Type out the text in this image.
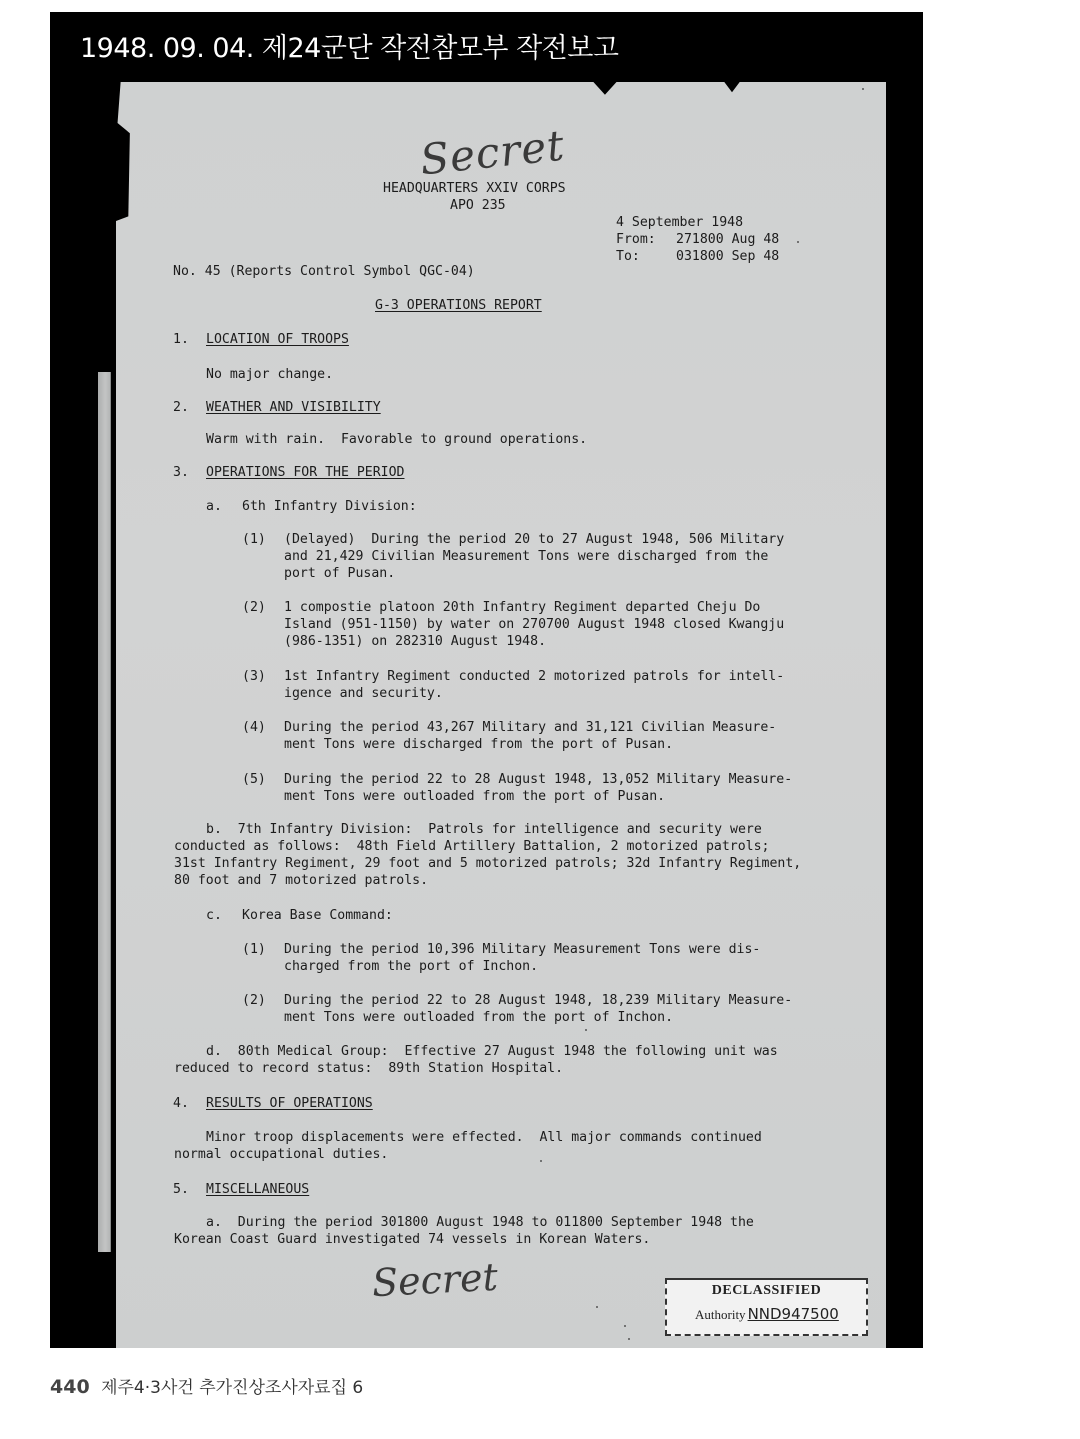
1948. 09. 04. 제24군단 작전참모부 작전보고
Secret
HEADQUARTERS XXIV CORPS
APO 235
4 September 1948
From: 271800 Aug 48
To:	031800 Sep 48
No. 45 (Reports Control Symbol QGC-04)
G-3 OPERATIONS REPORT
1. LOCATION OF TROOPS
No major change.
2. WEATHER AND VISIBILITY
Warm with rain.  Favorable to ground operations.
3. OPERATIONS FOR THE PERIOD
a. 6th Infantry Division:
(1) (Delayed)  During the period 20 to 27 August 1948, 506 Military
and 21,429 Civilian Measurement Tons were discharged from the
port of Pusan.
(2) 1 compostie platoon 20th Infantry Regiment departed Cheju Do
Island (951-1150) by water on 270700 August 1948 closed Kwangju
(986-1351) on 282310 August 1948.
(3) 1st Infantry Regiment conducted 2 motorized patrols for intell-
igence and security.
(4) During the period 43,267 Military and 31,121 Civilian Measure-
ment Tons were discharged from the port of Pusan.
(5) During the period 22 to 28 August 1948, 13,052 Military Measure-
ment Tons were outloaded from the port of Pusan.
b.  7th Infantry Division:  Patrols for intelligence and security were
conducted as follows:  48th Field Artillery Battalion, 2 motorized patrols;
31st Infantry Regiment, 29 foot and 5 motorized patrols; 32d Infantry Regiment,
80 foot and 7 motorized patrols.
c. Korea Base Command:
(1) During the period 10,396 Military Measurement Tons were dis-
charged from the port of Inchon.
(2) During the period 22 to 28 August 1948, 18,239 Military Measure-
ment Tons were outloaded from the port of Inchon.
d.  80th Medical Group:  Effective 27 August 1948 the following unit was
reduced to record status:  89th Station Hospital.
4. RESULTS OF OPERATIONS
Minor troop displacements were effected.  All major commands continued
normal occupational duties.
5. MISCELLANEOUS
a.  During the period 301800 August 1948 to 011800 September 1948 the
Korean Coast Guard investigated 74 vessels in Korean Waters.
Secret	DECLASSIFIED
Authority NND947500
440 제주4·3사건 추가진상조사자료집 6
